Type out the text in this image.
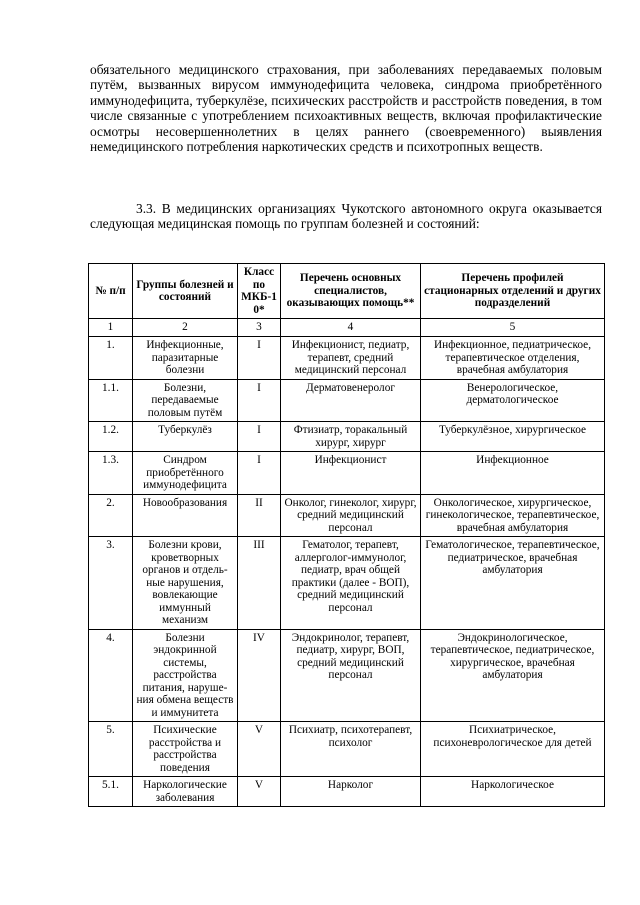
обязательного медицинского страхования, при заболеваниях передаваемых половым путём, вызванных вирусом иммунодефицита человека, синдрома приобретённого иммунодефицита, туберкулёзе, психических расстройств и расстройств поведения, в том числе связанные с употреблением психоактивных веществ, включая профилактические осмотры несовершеннолетних в целях раннего (своевременного) выявления немедицинского потребления наркотических средств и психотропных веществ.

3.3. В медицинских организациях Чукотского автономного округа оказывается следующая медицинская помощь по группам болезней и состояний:

№ п/п	Группы болезней и состояний	Класс по МКБ-10*	Перечень основных специалистов, оказывающих помощь**	Перечень профилей стационарных отделений и других подразделений
1	2	3	4	5
1.	Инфекционные, паразитарные болезни	I	Инфекционист, педиатр, терапевт, средний медицинский персонал	Инфекционное, педиатрическое, терапевтическое отделения, врачебная амбулатория
1.1.	Болезни, передаваемые половым путём	I	Дерматовенеролог	Венерологическое, дерматологическое
1.2.	Туберкулёз	I	Фтизиатр, торакальный хирург, хирург	Туберкулёзное, хирургическое
1.3.	Синдром приобретённого иммунодефицита	I	Инфекционист	Инфекционное
2.	Новообразования	II	Онколог, гинеколог, хирург, средний медицинский персонал	Онкологическое, хирургическое, гинекологическое, терапевтическое, врачебная амбулатория
3.	Болезни крови, кроветворных органов и отдель-ные нарушения, вовлекающие иммунный механизм	III	Гематолог, терапевт, аллерголог-иммунолог, педиатр, врач общей практики (далее - ВОП), средний медицинский персонал	Гематологическое, терапевтическое, педиатрическое, врачебная амбулатория
4.	Болезни эндокринной системы, расстройства питания, наруше-ния обмена веществ и иммунитета	IV	Эндокринолог, терапевт, педиатр, хирург, ВОП, средний медицинский персонал	Эндокринологическое, терапевтическое, педиатрическое, хирургическое, врачебная амбулатория
5.	Психические расстройства и расстройства поведения	V	Психиатр, психотерапевт, психолог	Психиатрическое, психоневрологическое для детей
5.1.	Наркологические заболевания	V	Нарколог	Наркологическое
